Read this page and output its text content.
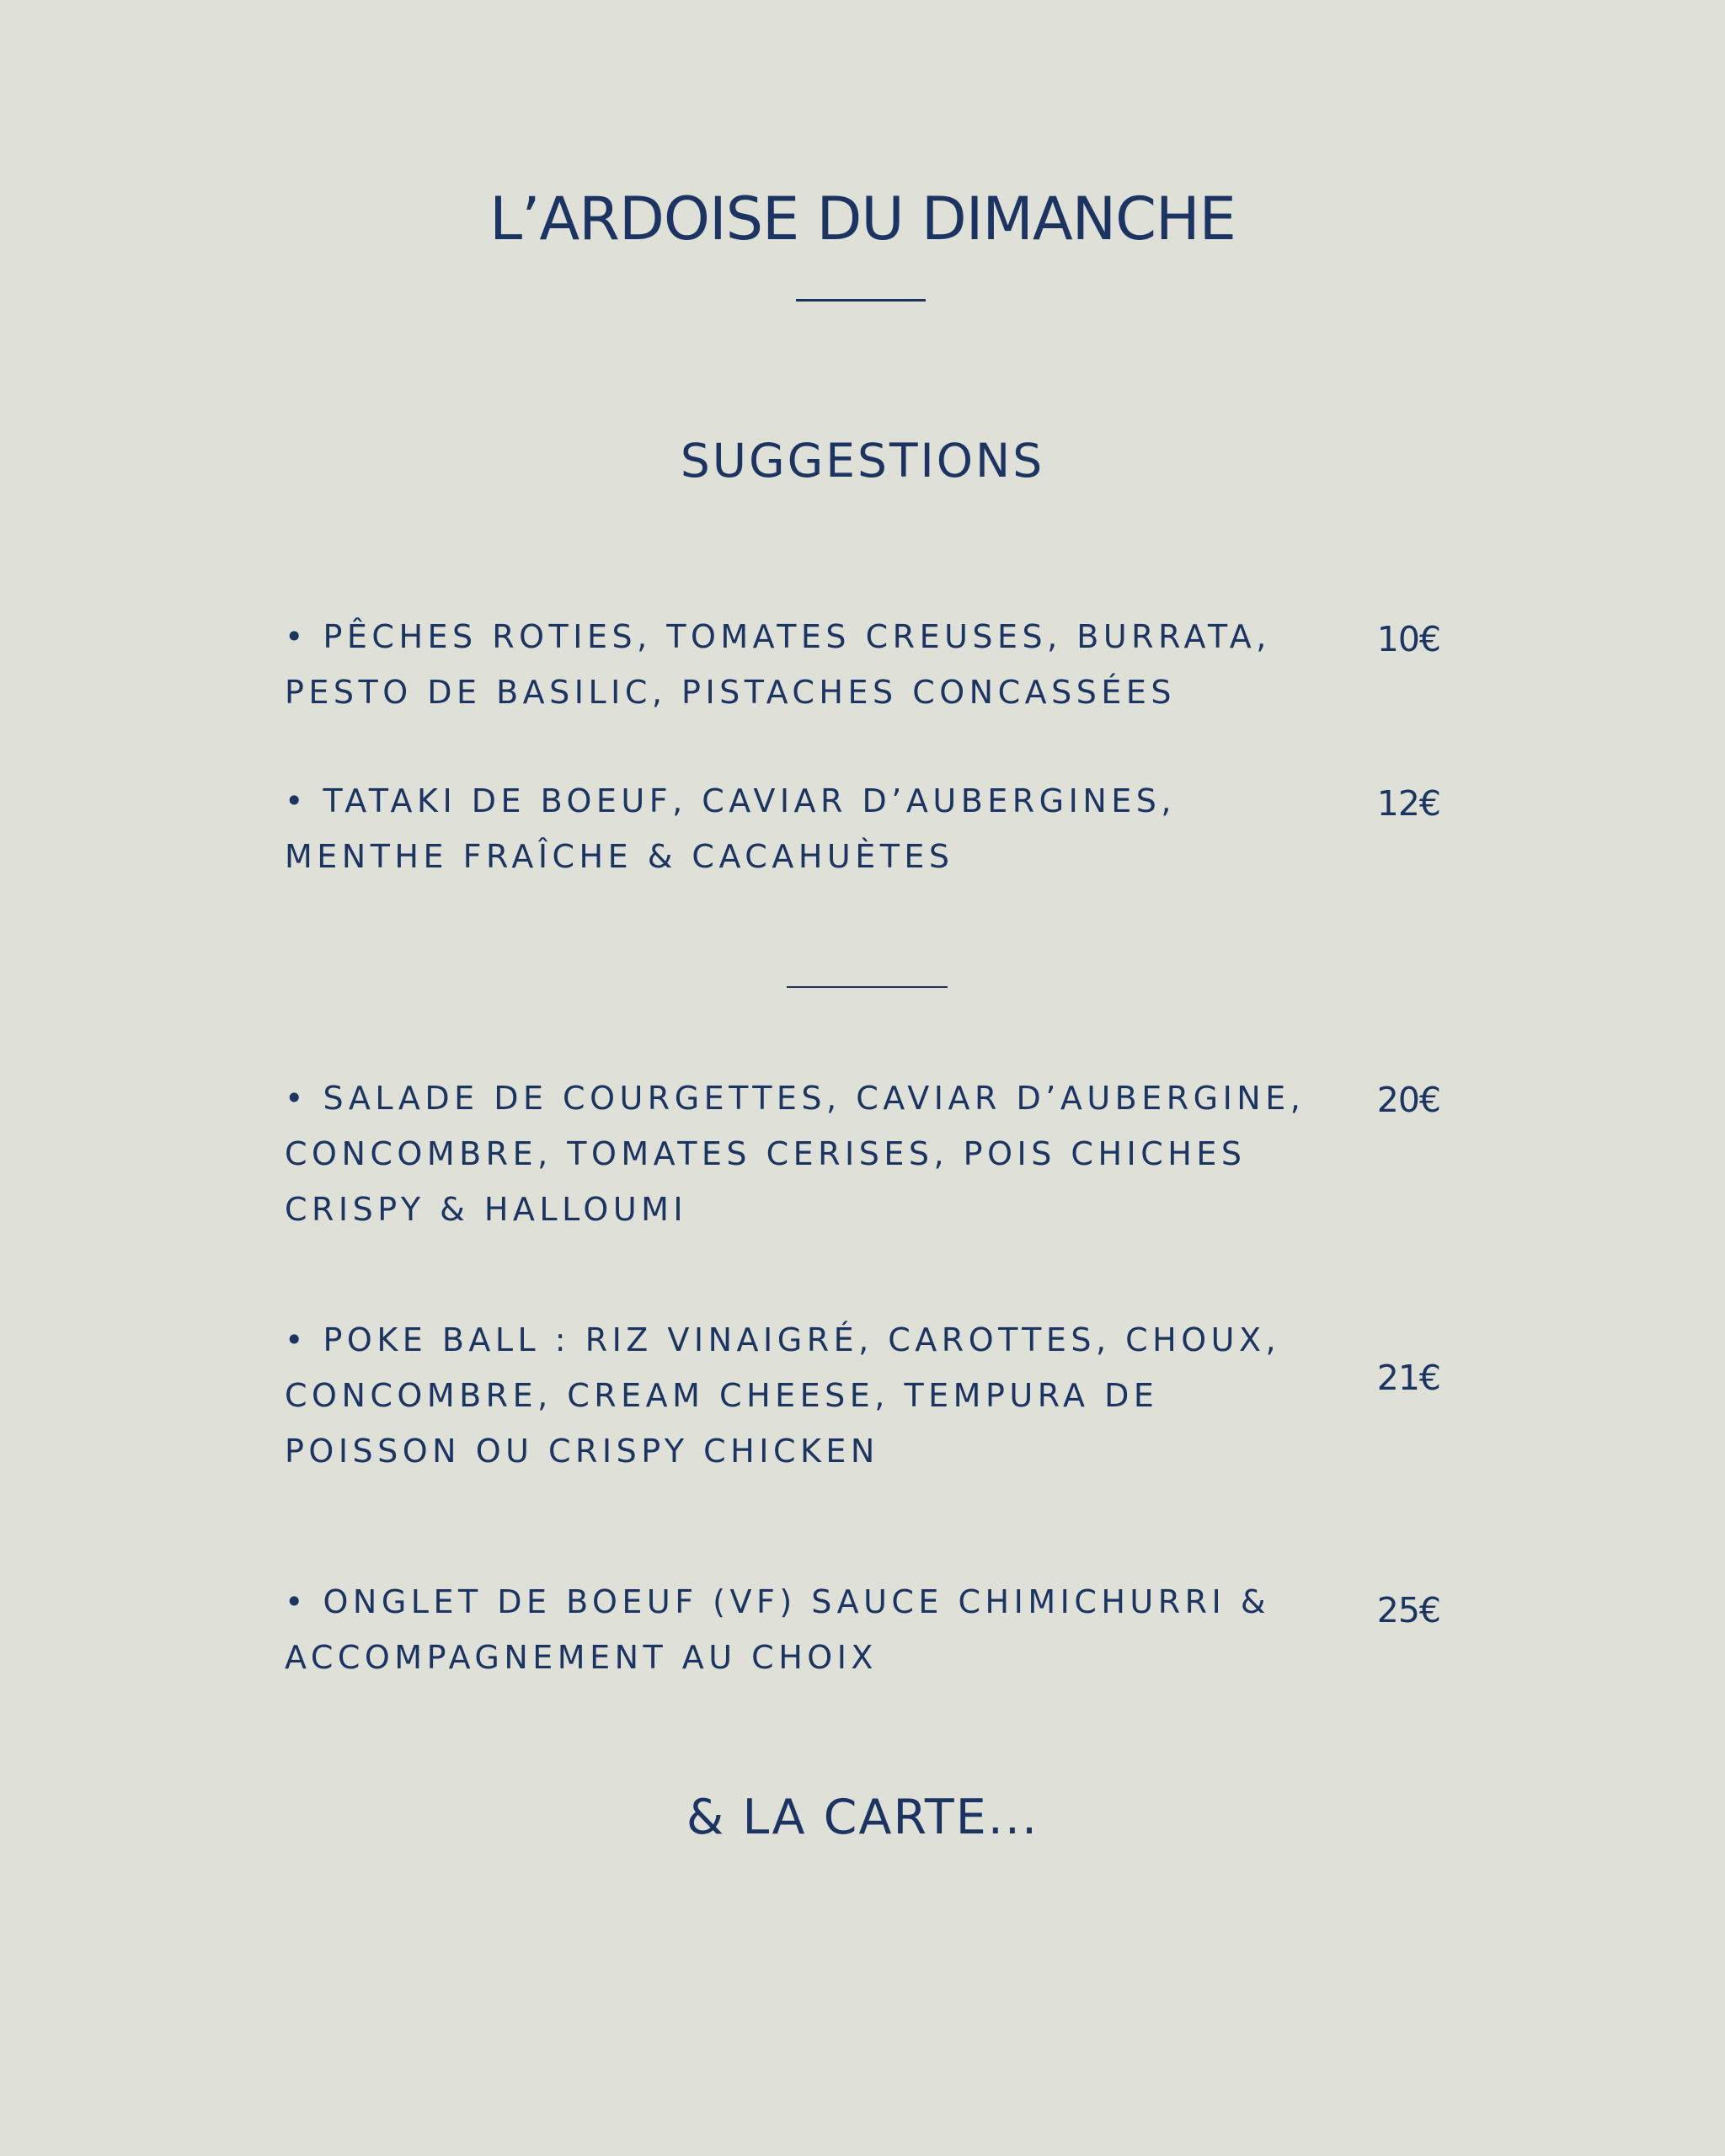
L’ARDOISE DU DIMANCHE
SUGGESTIONS
• PÊCHES ROTIES, TOMATES CREUSES, BURRATA,
PESTO DE BASILIC, PISTACHES CONCASSÉES
10€
• TATAKI DE BOEUF, CAVIAR D’AUBERGINES,
MENTHE FRAÎCHE & CACAHUÈTES
12€
• SALADE DE COURGETTES, CAVIAR D’AUBERGINE,
CONCOMBRE, TOMATES CERISES, POIS CHICHES
CRISPY & HALLOUMI
20€
• POKE BALL : RIZ VINAIGRÉ, CAROTTES, CHOUX,
CONCOMBRE, CREAM CHEESE, TEMPURA DE
POISSON OU CRISPY CHICKEN
21€
• ONGLET DE BOEUF (VF) SAUCE CHIMICHURRI &
ACCOMPAGNEMENT AU CHOIX
25€
& LA CARTE...
